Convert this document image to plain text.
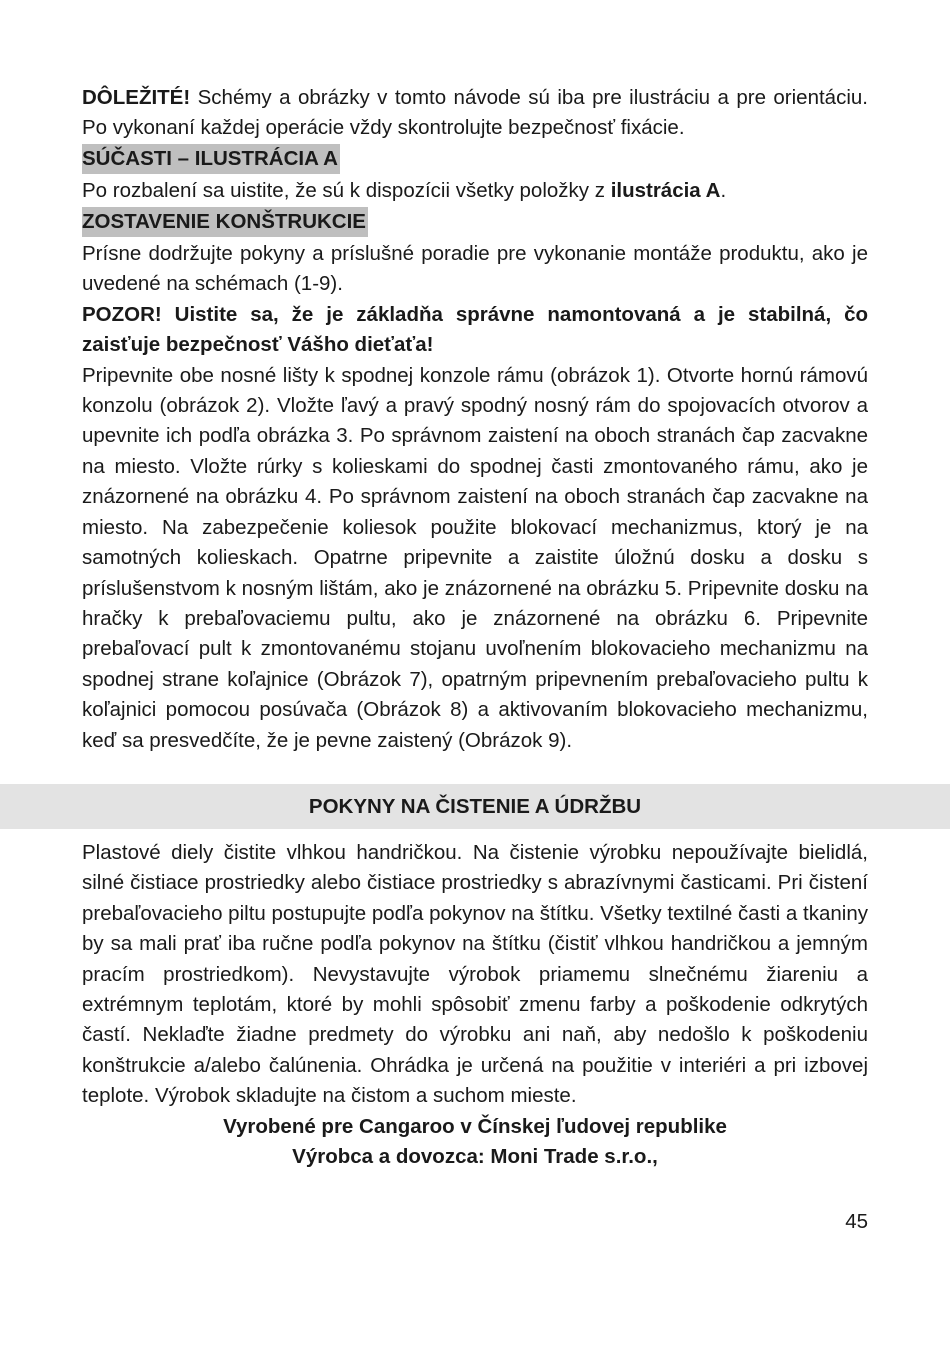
DÔLEŽITÉ! Schémy a obrázky v tomto návode sú iba pre ilustráciu a pre orientáciu. Po vykonaní každej operácie vždy skontrolujte bezpečnosť fixácie.

SÚČASTI – ILUSTRÁCIA A

Po rozbalení sa uistite, že sú k dispozícii všetky položky z ilustrácia A.

ZOSTAVENIE KONŠTRUKCIE

Prísne dodržujte pokyny a príslušné poradie pre vykonanie montáže produktu, ako je uvedené na schémach (1-9).

POZOR! Uistite sa, že je základňa správne namontovaná a je stabilná, čo zaisťuje bezpečnosť Vášho dieťaťa!

Pripevnite obe nosné lišty k spodnej konzole rámu (obrázok 1). Otvorte hornú rámovú konzolu (obrázok 2). Vložte ľavý a pravý spodný nosný rám do spojovacích otvorov a upevnite ich podľa obrázka 3. Po správnom zaistení na oboch stranách čap zacvakne na miesto. Vložte rúrky s kolieskami do spodnej časti zmontovaného rámu, ako je znázornené na obrázku 4. Po správnom zaistení na oboch stranách čap zacvakne na miesto. Na zabezpečenie koliesok použite blokovací mechanizmus, ktorý je na samotných kolieskach. Opatrne pripevnite a zaistite úložnú dosku a dosku s príslušenstvom k nosným lištám, ako je znázornené na obrázku 5. Pripevnite dosku na hračky k prebaľovaciemu pultu, ako je znázornené na obrázku 6. Pripevnite prebaľovací pult k zmontovanému stojanu uvoľnením blokovacieho mechanizmu na spodnej strane koľajnice (Obrázok 7), opatrným pripevnením prebaľovacieho pultu k koľajnici pomocou posúvača (Obrázok 8) a aktivovaním blokovacieho mechanizmu, keď sa presvedčíte, že je pevne zaistený (Obrázok 9).

POKYNY NA ČISTENIE A ÚDRŽBU

Plastové diely čistite vlhkou handričkou. Na čistenie výrobku nepoužívajte bielidlá, silné čistiace prostriedky alebo čistiace prostriedky s abrazívnymi časticami. Pri čistení prebaľovacieho piltu postupujte podľa pokynov na štítku. Všetky textilné časti a tkaniny by sa mali prať iba ručne podľa pokynov na štítku (čistiť vlhkou handričkou a jemným pracím prostriedkom). Nevystavujte výrobok priamemu slnečnému žiareniu a extrémnym teplotám, ktoré by mohli spôsobiť zmenu farby a poškodenie odkrytých častí. Neklaďte žiadne predmety do výrobku ani naň, aby nedošlo k poškodeniu konštrukcie a/alebo čalúnenia. Ohrádka je určená na použitie v interiéri a pri izbovej teplote. Výrobok skladujte na čistom a suchom mieste.

Vyrobené pre Cangaroo v Čínskej ľudovej republike

Výrobca a dovozca: Moni Trade s.r.o.,

45
